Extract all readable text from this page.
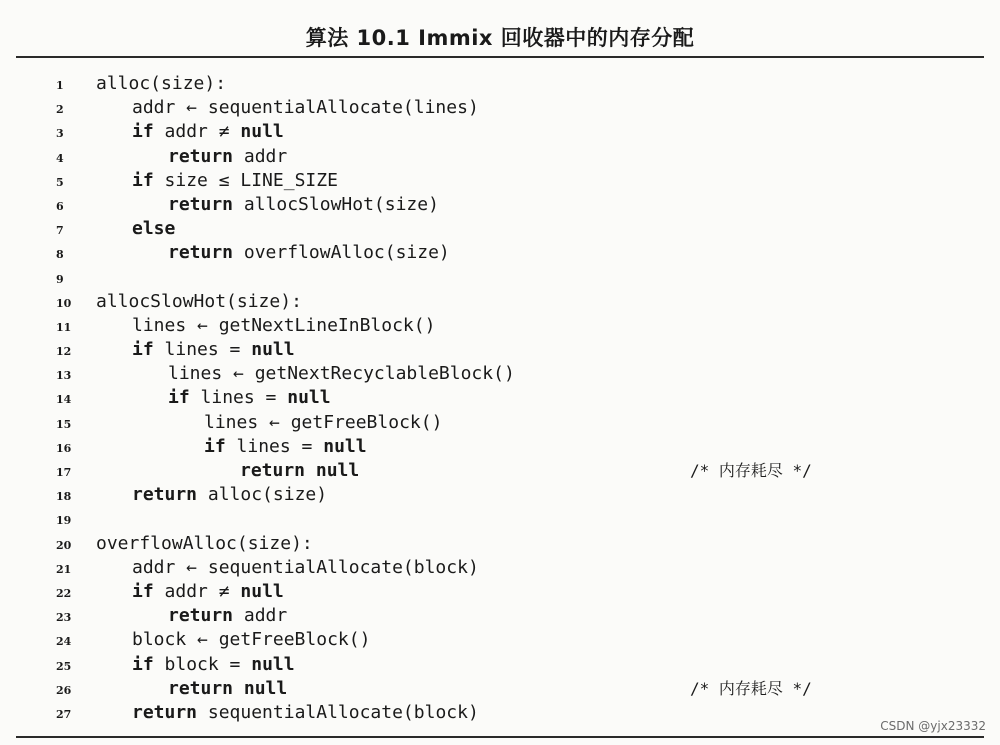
算法 10.1 Immix 回收器中的内存分配
1	alloc(size):
2	addr ← sequentialAllocate(lines)
3	if addr ≠ null
4	return addr
5	if size ≤ LINE_SIZE
6	return allocSlowHot(size)
7	else
8	return overflowAlloc(size)
9
10	allocSlowHot(size):
11	lines ← getNextLineInBlock()
12	if lines = null
13	lines ← getNextRecyclableBlock()
14	if lines = null
15	lines ← getFreeBlock()
16	if lines = null
17	return null	/* 内存耗尽 */
18	return alloc(size)
19
20	overflowAlloc(size):
21	addr ← sequentialAllocate(block)
22	if addr ≠ null
23	return addr
24	block ← getFreeBlock()
25	if block = null
26	return null	/* 内存耗尽 */
27	return sequentialAllocate(block)
CSDN @yjx23332
